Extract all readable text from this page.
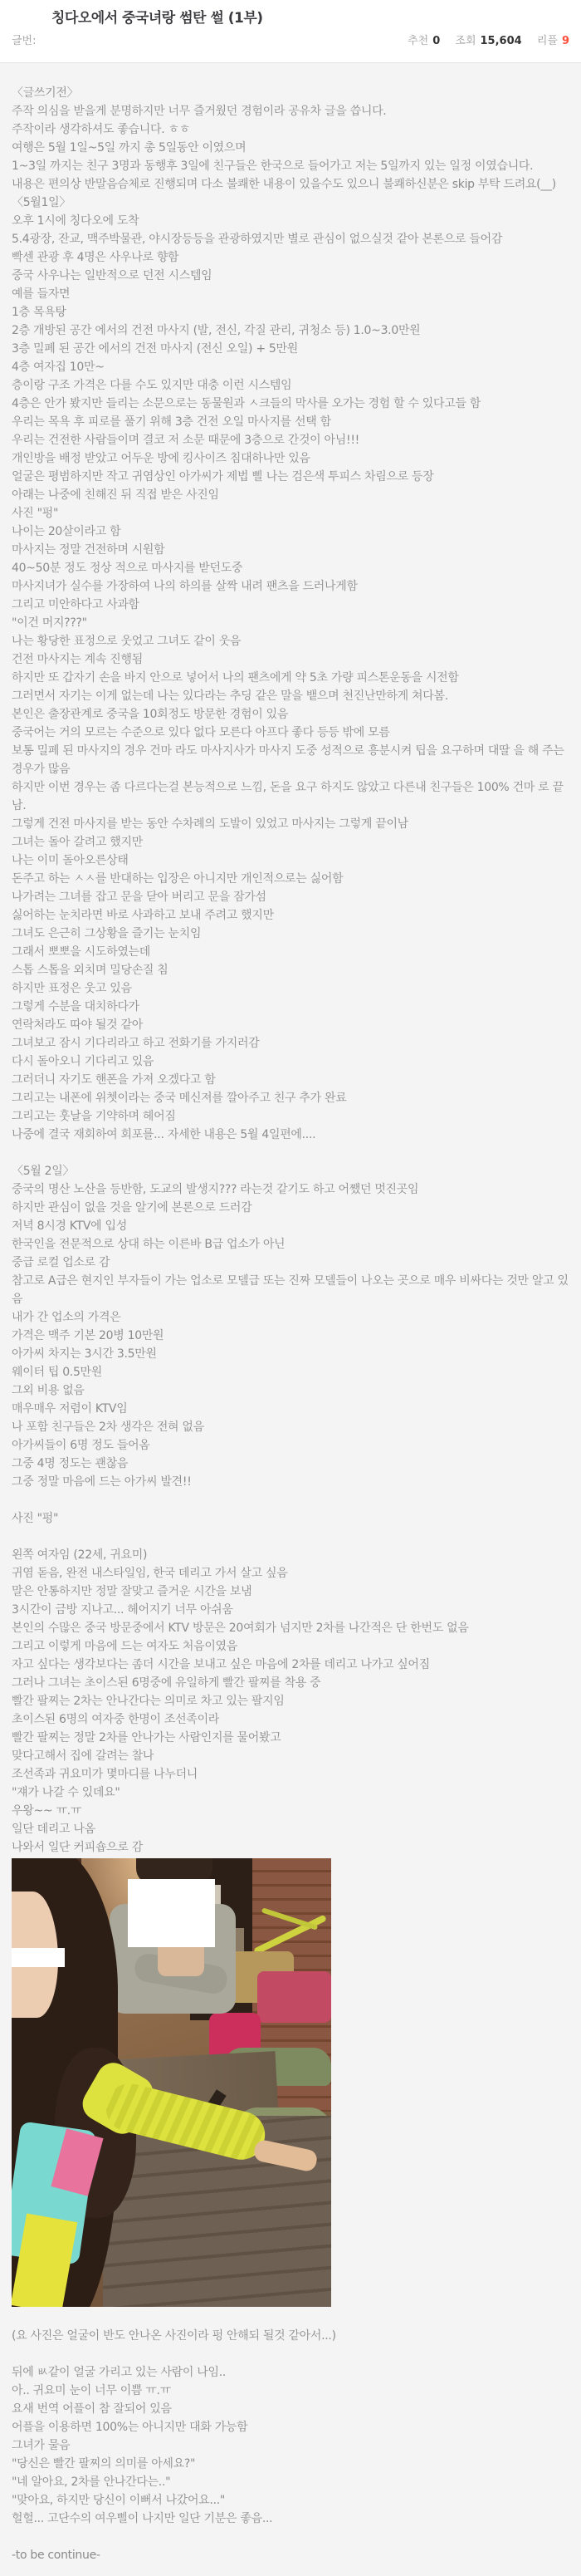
칭다오에서 중국녀랑 썸탄 썰 (1부)
글번:	추천 0 조회 15,604 리플 9
〈글쓰기전〉
주작 의심을 받을게 분명하지만 너무 즐거웠던 경험이라 공유차 글을 씁니다.
주작이라 생각하셔도 좋습니다. ㅎㅎ
여행은 5월 1일~5일 까지 총 5일동안 이였으며
1~3일 까지는 친구 3명과 동행후 3일에 친구들은 한국으로 들어가고 저는 5일까지 있는 일정 이였습니다.
내용은 편의상 반말음슴체로 진행되며 다소 불쾌한 내용이 있을수도 있으니 불쾌하신분은 skip 부탁 드려요(__)
〈5월1일〉
오후 1시에 칭다오에 도착
5.4광장, 잔교, 맥주박물관, 야시장등등을 관광하였지만 별로 관심이 없으실것 같아 본론으로 들어감
빡센 관광 후 4명은 사우나로 향함
중국 사우나는 일반적으로 던전 시스템임
예를 들자면
1층 목욕탕
2층 개방된 공간 에서의 건전 마사지 (발, 전신, 각질 관리, 귀청소 등) 1.0~3.0만원
3층 밀폐 된 공간 에서의 건전 마사지 (전신 오일) + 5만원
4층 여자집 10만~
층이랑 구조 가격은 다를 수도 있지만 대충 이런 시스템임
4층은 안가 봤지만 들리는 소문으로는 동물원과 ㅅ크들의 막사를 오가는 경험 할 수 있다고들 함
우리는 목욕 후 피로를 풀기 위해 3층 건전 오일 마사지를 선택 함
우리는 건전한 사람들이며 결코 저 소문 때문에 3층으로 간것이 아님!!!
개인방을 배정 받았고 어두운 방에 킹사이즈 침대하나만 있음
얼굴은 평범하지만 작고 귀염상인 아가씨가 제법 삘 나는 검은색 투피스 차림으로 등장
아래는 나중에 친해진 뒤 직접 받은 사진임
사진 "펑"
나이는 20살이라고 함
마사지는 정말 건전하며 시원함
40~50분 정도 정상 적으로 마사지를 받던도중
마사지녀가 실수를 가장하여 나의 하의를 살짝 내려 팬츠을 드러나게함
그리고 미안하다고 사과함
"이건 머지???"
나는 황당한 표정으로 웃었고 그녀도 같이 웃음
건전 마사지는 계속 진행됨
하지만 또 갑자기 손을 바지 안으로 넣어서 나의 팬츠에게 약 5초 가량 피스톤운동을 시전함
그러면서 자기는 이게 없는데 나는 있다라는 추딩 같은 말을 뱉으며 천진난만하게 쳐다봄.
본인은 출장관계로 중국을 10회정도 방문한 경험이 있음
중국어는 거의 모르는 수준으로 있다 없다 모른다 아프다 좋다 등등 밖에 모름
보통 밀폐 된 마사지의 경우 건마 라도 마사지사가 마사지 도중 성적으로 흥분시켜 팁을 요구하며 대딸 을 해 주는 경우가 많음
하지만 이번 경우는 좀 다르다는걸 본능적으로 느낌, 돈을 요구 하지도 않았고 다른내 친구들은 100% 건마 로 끝남.
그렇게 건전 마사지를 받는 동안 수차례의 도발이 있었고 마사지는 그렇게 끝이남
그녀는 돌아 갈려고 했지만
나는 이미 돌아오른상태
돈주고 하는 ㅅㅅ를 반대하는 입장은 아니지만 개인적으로는 싫어함
나가려는 그녀를 잡고 문을 닫아 버리고 문을 잠가섬
싫어하는 눈치라면 바로 사과하고 보내 주려고 했지만
그녀도 은근히 그상황을 즐기는 눈치임
그래서 뽀뽀을 시도하였는데
스톱 스톱을 외치며 밀당손질 침
하지만 표정은 웃고 있음
그렇게 수분을 대치하다가
연락처라도 따야 될것 같아
그녀보고 잠시 기다리라고 하고 전화기를 가지러감
다시 돌아오니 기다리고 있음
그러더니 자기도 핸폰을 가져 오겠다고 함
그리고는 내폰에 위쳇이라는 중국 메신져를 깔아주고 친구 추가 완료
그리고는 훗날을 기약하며 헤어짐
나중에 결국 재회하여 회포를... 자세한 내용은 5월 4일편에....
〈5월 2일〉
중국의 명산 노산을 등반함, 도교의 발생지??? 라는것 같기도 하고 어쨌던 멋진곳임
하지만 관심이 없을 것을 알기에 본론으로 드러감
저녁 8시경 KTV에 입성
한국인을 전문적으로 상대 하는 이른바 B급 업소가 아닌
중급 로컬 업소로 감
참고로 A급은 현지인 부자들이 가는 업소로 모델급 또는 진짜 모델들이 나오는 곳으로 매우 비싸다는 것만 알고 있음
내가 간 업소의 가격은
가격은 맥주 기본 20병 10만원
아가씨 차지는 3시간 3.5만원
웨이터 팁 0.5만원
그외 비용 없음
매우매우 저렴이 KTV임
나 포함 친구들은 2차 생각은 전혀 없음
아가씨들이 6명 정도 들어옴
그중 4명 정도는 괜찮음
그중 정말 마음에 드는 아가씨 발견!!
사진 "펑"
왼쪽 여자임 (22세, 귀요미)
귀염 돋음, 완전 내스타일임, 한국 데리고 가서 살고 싶음
말은 안통하지만 정말 잘맞고 즐거운 시간을 보냄
3시간이 금방 지나고... 헤어지기 너무 아쉬움
본인의 수많은 중국 방문중에서 KTV 방문은 20여회가 넘지만 2차를 나간적은 단 한번도 없음
그리고 이렇게 마음에 드는 여자도 처음이였음
자고 싶다는 생각보다는 좀더 시간을 보내고 싶은 마음에 2차를 데리고 나가고 싶어짐
그러나 그녀는 초이스된 6명중에 유일하게 빨간 팔찌를 착용 중
빨간 팔찌는 2차는 안나간다는 의미로 차고 있는 팔지임
초이스된 6명의 여자중 한명이 조선족이라
빨간 팔찌는 정말 2차를 안나가는 사람인지를 물어봤고
맞다고해서 집에 갈려는 찰나
조선족과 귀요미가 몇마디를 나누더니
"쟤가 나갈 수 있데요"
우왕~~ ㅠ.ㅠ
일단 데리고 나옴
나와서 일단 커피숍으로 감
(요 사진은 얼굴이 반도 안나온 사진이라 펑 안해되 될것 같아서...)
뒤에 ㅄ같이 얼굴 가리고 있는 사람이 나임..
아.. 귀요미 눈이 너무 이쁨 ㅠ.ㅠ
요새 번역 어플이 참 잘되어 있음
어플을 이용하면 100%는 아니지만 대화 가능함
그녀가 물음
"당신은 빨간 팔찌의 의미를 아세요?"
"네 알아요, 2차를 안나간다는.."
"맞아요, 하지만 당신이 이뻐서 나갔어요..."
헐헐... 고단수의 여우삘이 나지만 일단 기분은 좋음...
-to be continue-
